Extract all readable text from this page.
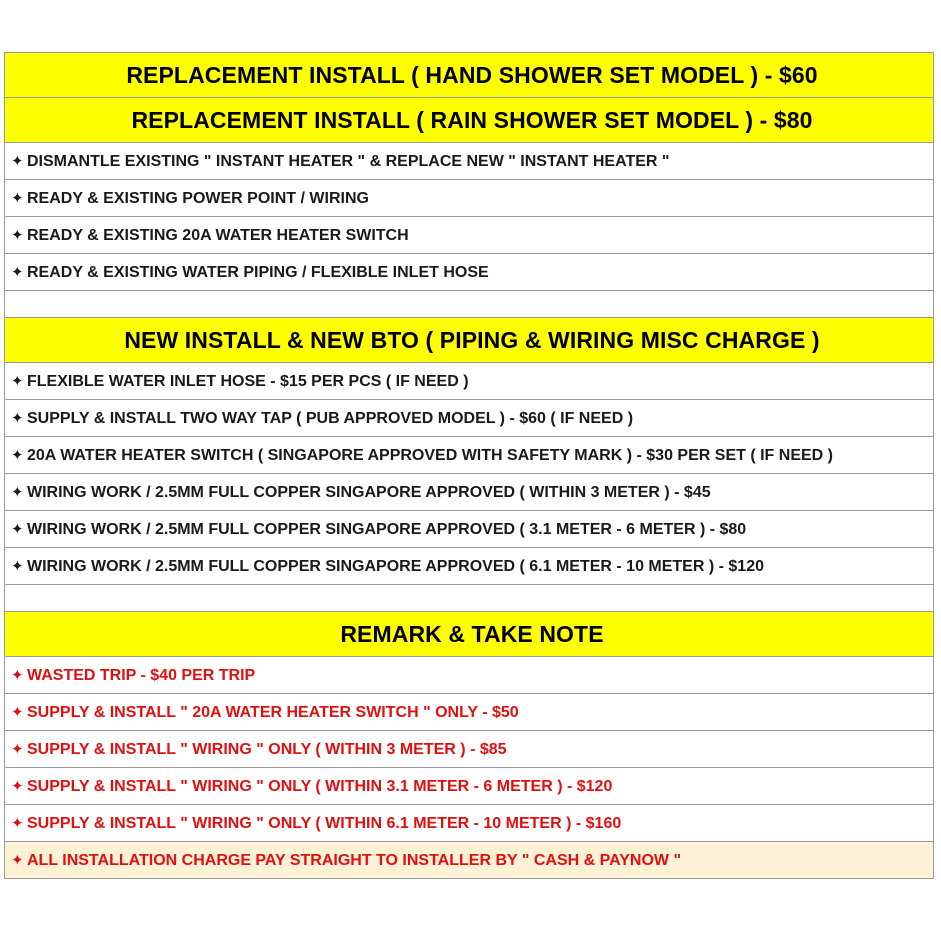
REPLACEMENT INSTALL ( HAND SHOWER SET MODEL ) - $60
REPLACEMENT INSTALL ( RAIN SHOWER SET MODEL ) - $80
✦ DISMANTLE EXISTING " INSTANT HEATER " & REPLACE NEW " INSTANT HEATER "
✦ READY & EXISTING POWER POINT / WIRING
✦ READY & EXISTING 20A WATER HEATER SWITCH
✦ READY & EXISTING WATER PIPING / FLEXIBLE INLET HOSE

NEW INSTALL & NEW BTO ( PIPING & WIRING MISC CHARGE )
✦ FLEXIBLE WATER INLET HOSE - $15 PER PCS ( IF NEED )
✦ SUPPLY & INSTALL TWO WAY TAP ( PUB APPROVED MODEL ) - $60 ( IF NEED )
✦ 20A WATER HEATER SWITCH ( SINGAPORE APPROVED WITH SAFETY MARK ) - $30 PER SET ( IF NEED )
✦ WIRING WORK / 2.5MM FULL COPPER SINGAPORE APPROVED ( WITHIN 3 METER ) - $45
✦ WIRING WORK / 2.5MM FULL COPPER SINGAPORE APPROVED ( 3.1 METER - 6 METER ) - $80
✦ WIRING WORK / 2.5MM FULL COPPER SINGAPORE APPROVED ( 6.1 METER - 10 METER ) - $120

REMARK & TAKE NOTE
✦ WASTED TRIP - $40 PER TRIP
✦ SUPPLY & INSTALL " 20A WATER HEATER SWITCH " ONLY - $50
✦ SUPPLY & INSTALL " WIRING " ONLY ( WITHIN 3 METER ) - $85
✦ SUPPLY & INSTALL " WIRING " ONLY ( WITHIN 3.1 METER - 6 METER ) - $120
✦ SUPPLY & INSTALL " WIRING " ONLY ( WITHIN 6.1 METER - 10 METER ) - $160
✦ ALL INSTALLATION CHARGE PAY STRAIGHT TO INSTALLER BY " CASH & PAYNOW "
